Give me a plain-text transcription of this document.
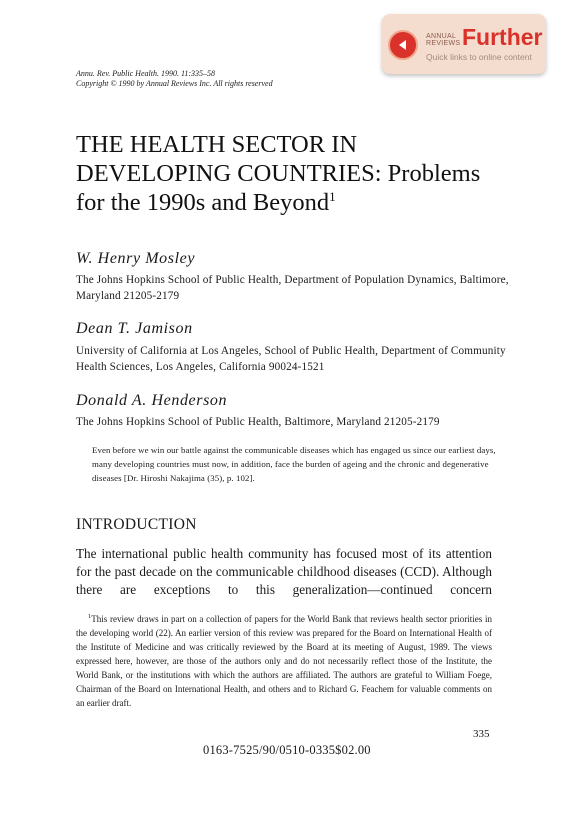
ANNUAL
REVIEWS Further
Quick links to online content
Annu. Rev. Public Health. 1990. 11:335–58
Copyright © 1990 by Annual Reviews Inc. All rights reserved
THE HEALTH SECTOR IN
DEVELOPING COUNTRIES: Problems
for the 1990s and Beyond$^1$
W. Henry Mosley
The Johns Hopkins School of Public Health, Department of Population Dynamics, Baltimore, Maryland 21205-2179
Dean T. Jamison
University of California at Los Angeles, School of Public Health, Department of Community Health Sciences, Los Angeles, California 90024-1521
Donald A. Henderson
The Johns Hopkins School of Public Health, Baltimore, Maryland 21205-2179
Even before we win our battle against the communicable diseases which has engaged us since our earliest days, many developing countries must now, in addition, face the burden of ageing and the chronic and degenerative diseases [Dr. Hiroshi Nakajima (35), p. 102].
INTRODUCTION
The international public health community has focused most of its attention for the past decade on the communicable childhood diseases (CCD). Although there are exceptions to this generalization—continued concern
$^1$This review draws in part on a collection of papers for the World Bank that reviews health sector priorities in the developing world (22). An earlier version of this review was prepared for the Board on International Health of the Institute of Medicine and was critically reviewed by the Board at its meeting of August, 1989. The views expressed here, however, are those of the authors only and do not necessarily reflect those of the Institute, the World Bank, or the institutions with which the authors are affiliated. The authors are grateful to William Foege, Chairman of the Board on International Health, and others and to Richard G. Feachem for valuable comments on an earlier draft.
335
0163-7525/90/0510-0335$02.00
